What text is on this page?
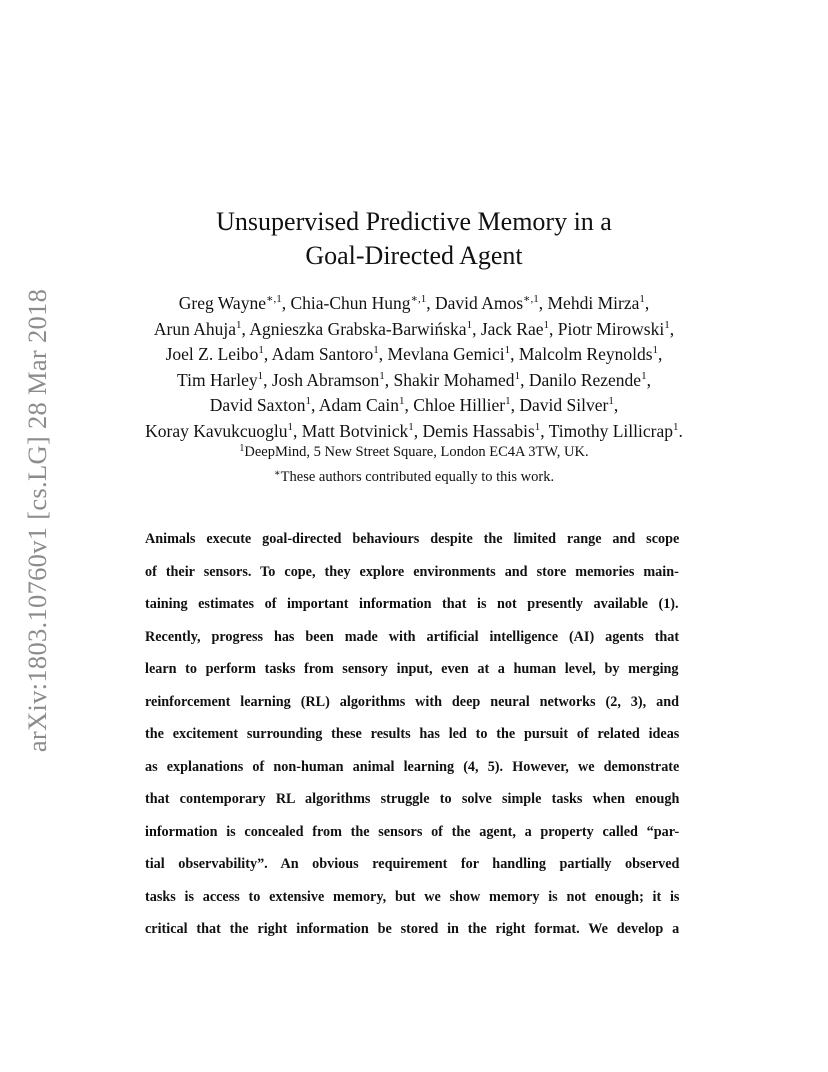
arXiv:1803.10760v1 [cs.LG] 28 Mar 2018
Unsupervised Predictive Memory in a
Goal-Directed Agent
Greg Wayne$^{∗,1}$, Chia-Chun Hung$^{∗,1}$, David Amos$^{∗,1}$, Mehdi Mirza$^1$,
Arun Ahuja$^1$, Agnieszka Grabska-Barwińska$^1$, Jack Rae$^1$, Piotr Mirowski$^1$,
Joel Z. Leibo$^1$, Adam Santoro$^1$, Mevlana Gemici$^1$, Malcolm Reynolds$^1$,
Tim Harley$^1$, Josh Abramson$^1$, Shakir Mohamed$^1$, Danilo Rezende$^1$,
David Saxton$^1$, Adam Cain$^1$, Chloe Hillier$^1$, David Silver$^1$,
Koray Kavukcuoglu$^1$, Matt Botvinick$^1$, Demis Hassabis$^1$, Timothy Lillicrap$^1$.
$^1$DeepMind, 5 New Street Square, London EC4A 3TW, UK.
∗These authors contributed equally to this work.
Animals execute goal-directed behaviours despite the limited range and scope
of their sensors. To cope, they explore environments and store memories main-
taining estimates of important information that is not presently available (1).
Recently, progress has been made with artificial intelligence (AI) agents that
learn to perform tasks from sensory input, even at a human level, by merging
reinforcement learning (RL) algorithms with deep neural networks (2, 3), and
the excitement surrounding these results has led to the pursuit of related ideas
as explanations of non-human animal learning (4, 5). However, we demonstrate
that contemporary RL algorithms struggle to solve simple tasks when enough
information is concealed from the sensors of the agent, a property called “par-
tial observability”. An obvious requirement for handling partially observed
tasks is access to extensive memory, but we show memory is not enough; it is
critical that the right information be stored in the right format. We develop a
